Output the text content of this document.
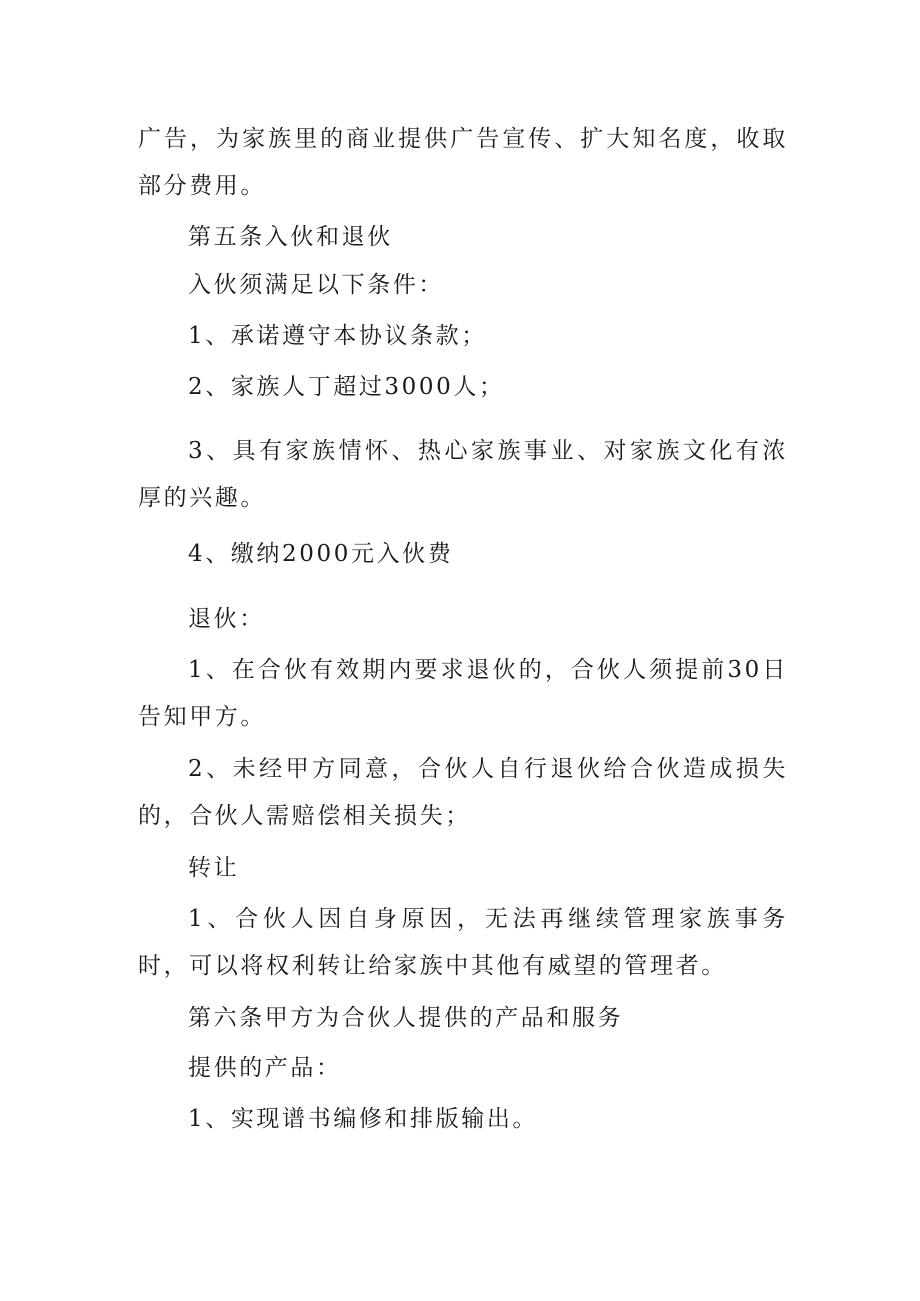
广告，为家族里的商业提供广告宣传、扩大知名度，收取部分费用。

第五条入伙和退伙

入伙须满足以下条件：

1、承诺遵守本协议条款；

2、家族人丁超过3000人；

3、具有家族情怀、热心家族事业、对家族文化有浓厚的兴趣。

4、缴纳2000元入伙费

退伙：

1、在合伙有效期内要求退伙的，合伙人须提前30日告知甲方。

2、未经甲方同意，合伙人自行退伙给合伙造成损失的，合伙人需赔偿相关损失；

转让

1、合伙人因自身原因，无法再继续管理家族事务时，可以将权利转让给家族中其他有威望的管理者。

第六条甲方为合伙人提供的产品和服务

提供的产品：

1、实现谱书编修和排版输出。
